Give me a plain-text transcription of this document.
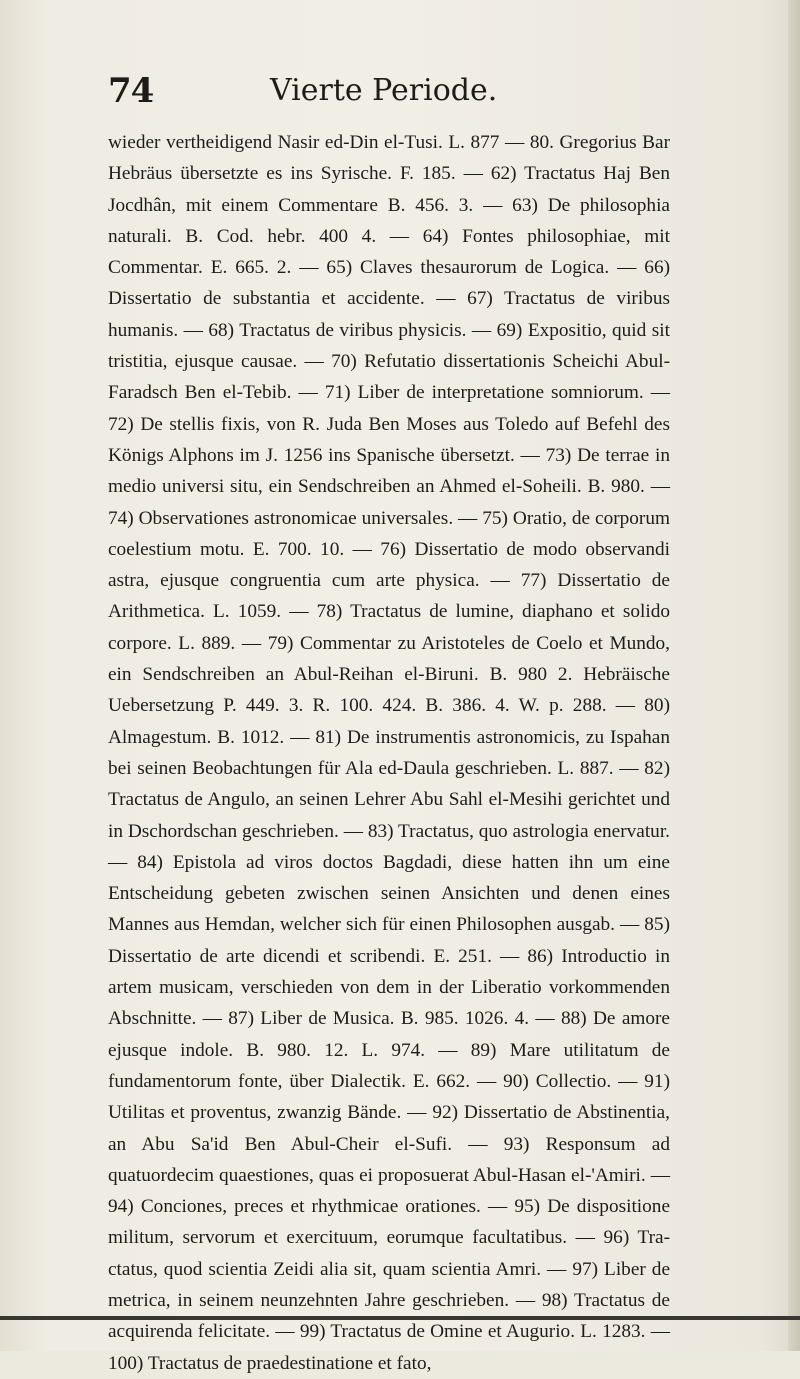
74	Vierte Periode.

wieder vertheidigend Nasir ed-Din el-Tusi. L. 877 — 80. Gregorius Bar Hebräus übersetzte es ins Syrische. F. 185. — 62) Tractatus Haj Ben Jocdhân, mit einem Commentare B. 456. 3. — 63) De philosophia naturali. B. Cod. hebr. 400 4. — 64) Fontes philosophiae, mit Commentar. E. 665. 2. — 65) Claves thesaurorum de Logica. — 66) Dissertatio de substantia et accidente. — 67) Tractatus de viribus humanis. — 68) Tractatus de viribus physicis. — 69) Expositio, quid sit tristitia, ejusque causae. — 70) Refutatio dissertationis Scheichi Abul-Faradsch Ben el-Tebib. — 71) Liber de interpretatione somniorum. — 72) De stellis fixis, von R. Juda Ben Moses aus Toledo auf Befehl des Königs Alphons im J. 1256 ins Spanische übersetzt. — 73) De terrae in medio universi situ, ein Sendschreiben an Ahmed el-Soheili. B. 980. — 74) Observationes astronomicae universales. — 75) Oratio, de corporum coelestium motu. E. 700. 10. — 76) Dissertatio de modo observandi astra, ejusque congruentia cum arte physica. — 77) Dissertatio de Arithmetica. L. 1059. — 78) Tractatus de lumine, diaphano et solido corpore. L. 889. — 79) Commentar zu Aristoteles de Coelo et Mundo, ein Sendschreiben an Abul-Reihan el-Biruni. B. 980 2. Hebräische Uebersetzung P. 449. 3. R. 100. 424. B. 386. 4. W. p. 288. — 80) Almagestum. B. 1012. — 81) De instrumentis astronomicis, zu Ispahan bei seinen Beobachtungen für Ala ed-Daula geschrieben. L. 887. — 82) Tractatus de Angulo, an seinen Lehrer Abu Sahl el-Mesihi gerichtet und in Dschordschan geschrieben. — 83) Tractatus, quo astrologia enervatur. — 84) Epistola ad viros doctos Bagdadi, diese hatten ihn um eine Entscheidung gebeten zwischen seinen Ansichten und denen eines Mannes aus Hemdan, welcher sich für einen Philosophen ausgab. — 85) Dissertatio de arte dicendi et scribendi. E. 251. — 86) Introductio in artem musicam, verschieden von dem in der Liberatio vorkommenden Abschnitte. — 87) Liber de Musica. B. 985. 1026. 4. — 88) De amore ejusque indole. B. 980. 12. L. 974. — 89) Mare utilitatum de fundamentorum fonte, über Dialectik. E. 662. — 90) Collectio. — 91) Utilitas et proventus, zwanzig Bände. — 92) Dissertatio de Abstinentia, an Abu Sa'id Ben Abul-Cheir el-Sufi. — 93) Responsum ad quatuordecim quaestiones, quas ei proposuerat Abul-Hasan el-'Amiri. — 94) Conciones, preces et rhythmicae orationes. — 95) De dispositione militum, servorum et exercituum, eorumque facultatibus. — 96) Tractatus, quod scientia Zeidi alia sit, quam scientia Amri. — 97) Liber de metrica, in seinem neunzehnten Jahre geschrieben. — 98) Tractatus de acquirenda felicitate. — 99) Tractatus de Omine et Augurio. L. 1283. — 100) Tractatus de praedestinatione et fato,
